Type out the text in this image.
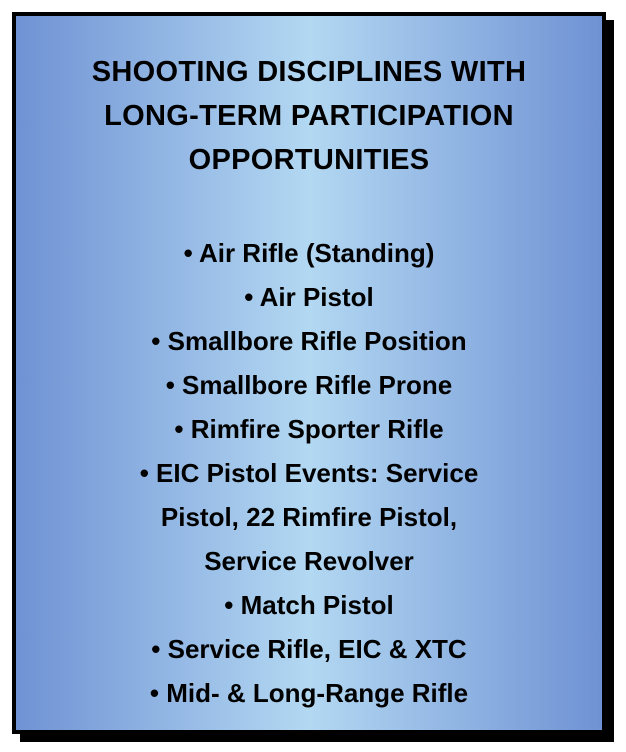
SHOOTING DISCIPLINES WITH
LONG-TERM PARTICIPATION
OPPORTUNITIES
• Air Rifle (Standing)
• Air Pistol
• Smallbore Rifle Position
• Smallbore Rifle Prone
• Rimfire Sporter Rifle
• EIC Pistol Events: Service
Pistol, 22 Rimfire Pistol,
Service Revolver
• Match Pistol
• Service Rifle, EIC & XTC
• Mid- & Long-Range Rifle
